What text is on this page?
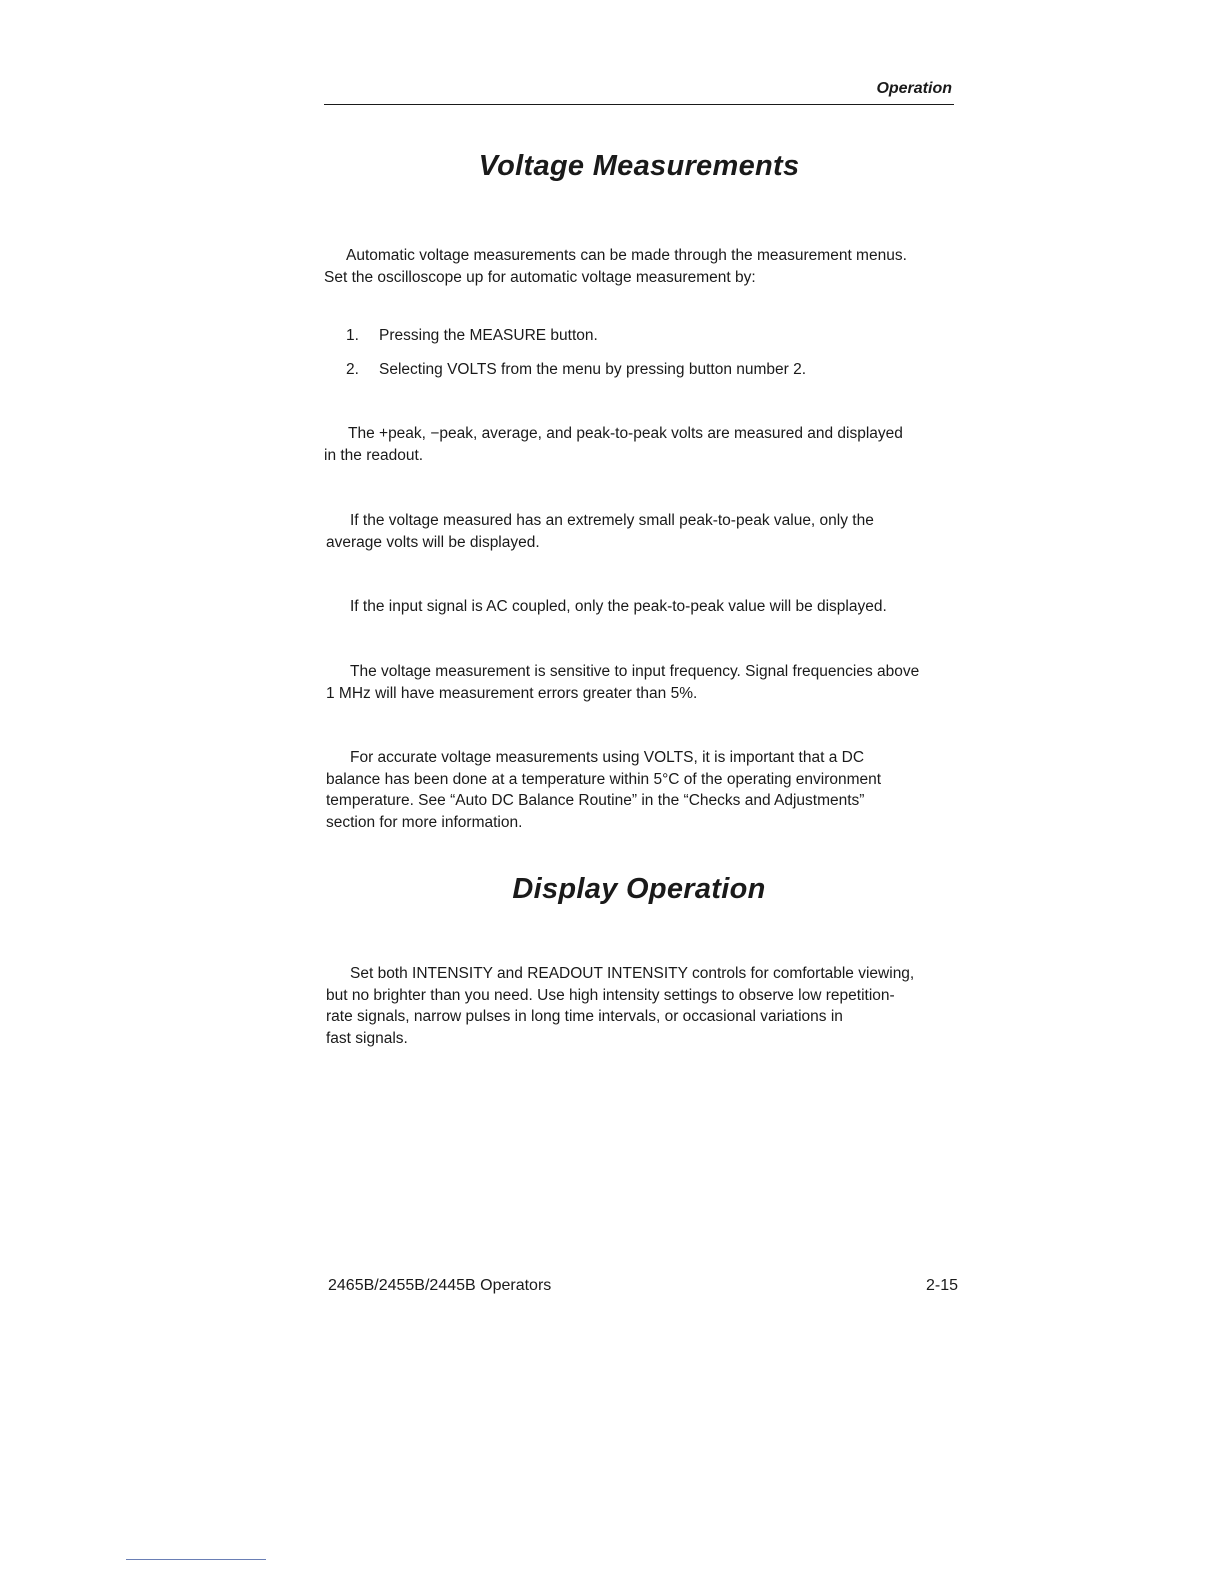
Operation
Voltage Measurements

Automatic voltage measurements can be made through the measurement menus.
Set the oscilloscope up for automatic voltage measurement by:

1. Pressing the MEASURE button.
2. Selecting VOLTS from the menu by pressing button number 2.

The +peak, −peak, average, and peak-to-peak volts are measured and displayed
in the readout.

If the voltage measured has an extremely small peak-to-peak value, only the
average volts will be displayed.

If the input signal is AC coupled, only the peak-to-peak value will be displayed.

The voltage measurement is sensitive to input frequency. Signal frequencies above
1 MHz will have measurement errors greater than 5%.

For accurate voltage measurements using VOLTS, it is important that a DC
balance has been done at a temperature within 5°C of the operating environment
temperature. See “Auto DC Balance Routine” in the “Checks and Adjustments”
section for more information.

Display Operation

Set both INTENSITY and READOUT INTENSITY controls for comfortable viewing,
but no brighter than you need. Use high intensity settings to observe low repetition-
rate signals, narrow pulses in long time intervals, or occasional variations in
fast signals.

2465B/2455B/2445B Operators	2-15
